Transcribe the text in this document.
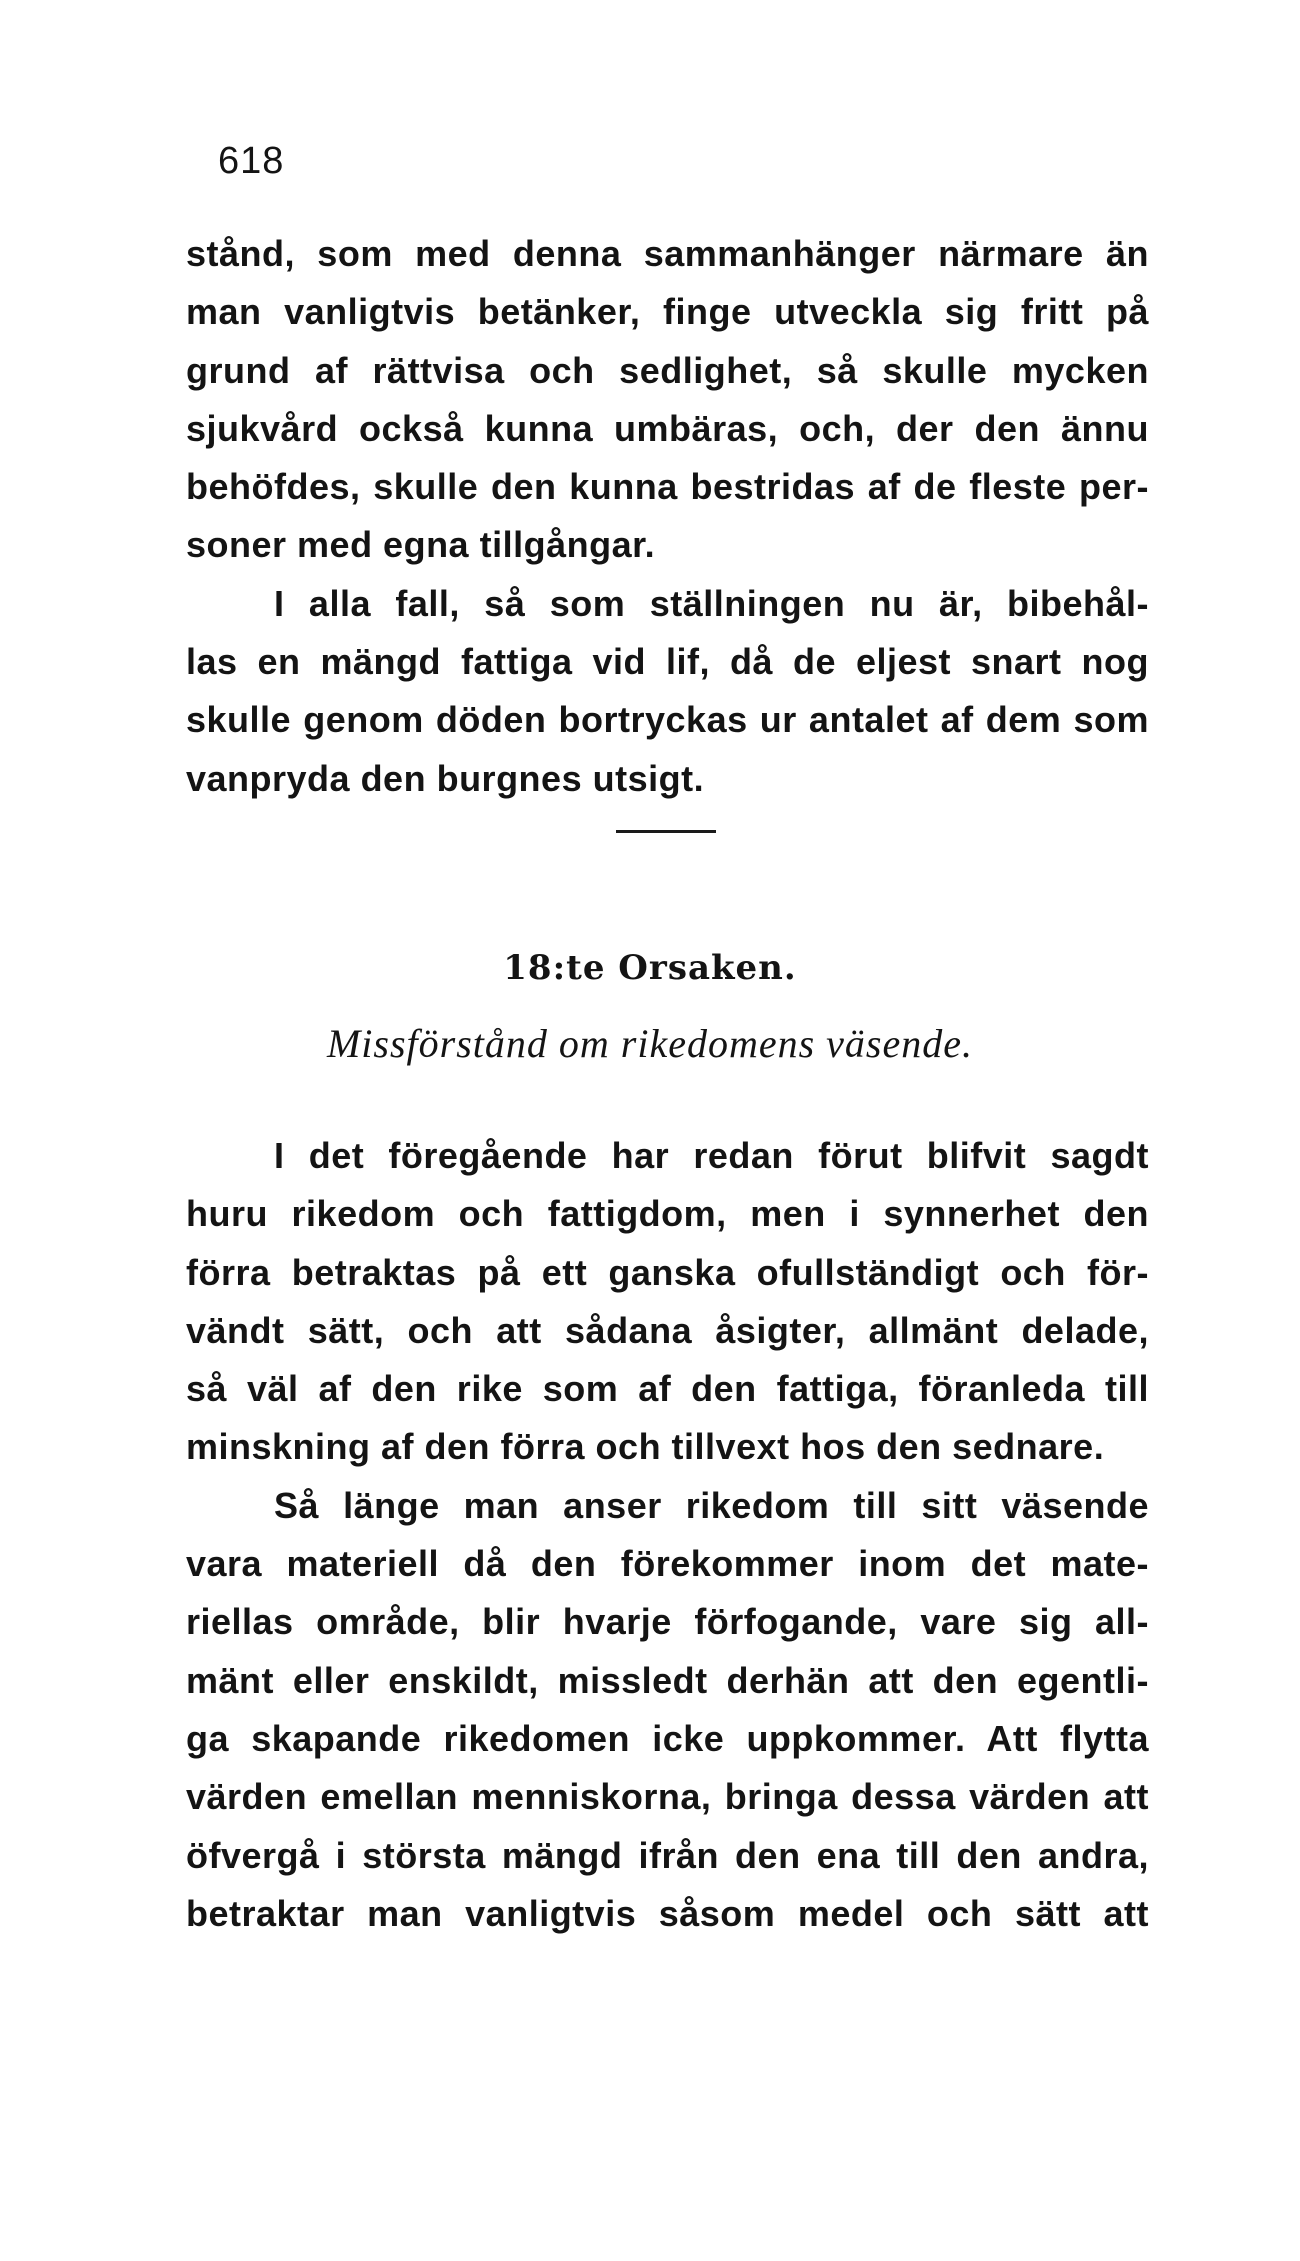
618
stånd, som med denna sammanhänger närmare än
man vanligtvis betänker, finge utveckla sig fritt på
grund af rättvisa och sedlighet, så skulle mycken
sjukvård också kunna umbäras, och, der den ännu
behöfdes, skulle den kunna bestridas af de fleste per-
soner med egna tillgångar.
I alla fall, så som ställningen nu är, bibehål-
las en mängd fattiga vid lif, då de eljest snart nog
skulle genom döden bortryckas ur antalet af dem som
vanpryda den burgnes utsigt.
18:te Orsaken.
Missförstånd om rikedomens väsende.
I det föregående har redan förut blifvit sagdt
huru rikedom och fattigdom, men i synnerhet den
förra betraktas på ett ganska ofullständigt och för-
vändt sätt, och att sådana åsigter, allmänt delade,
så väl af den rike som af den fattiga, föranleda till
minskning af den förra och tillvext hos den sednare.
Så länge man anser rikedom till sitt väsende
vara materiell då den förekommer inom det mate-
riellas område, blir hvarje förfogande, vare sig all-
mänt eller enskildt, missledt derhän att den egentli-
ga skapande rikedomen icke uppkommer. Att flytta
värden emellan menniskorna, bringa dessa värden att
öfvergå i största mängd ifrån den ena till den andra,
betraktar man vanligtvis såsom medel och sätt att
